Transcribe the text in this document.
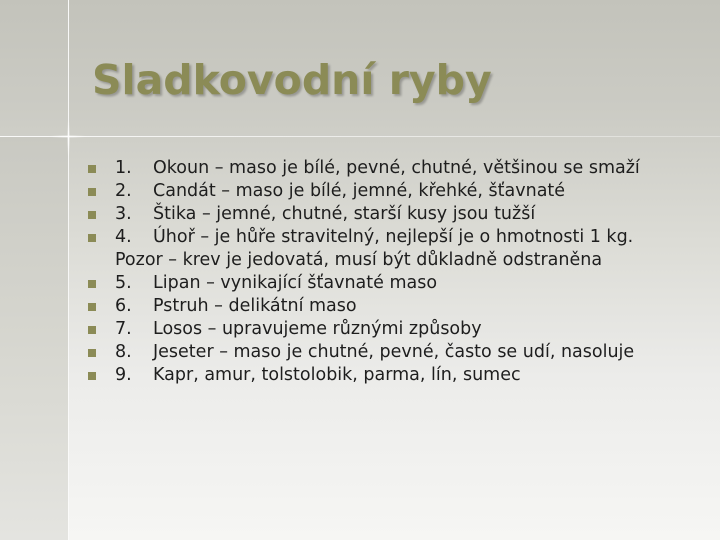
Sladkovodní ryby
1.	Okoun – maso je bílé, pevné, chutné, většinou se smaží
2.	Candát – maso je bílé, jemné, křehké, šťavnaté
3.	Štika – jemné, chutné, starší kusy jsou tužší
4.	Úhoř – je hůře stravitelný, nejlepší je o hmotnosti 1 kg.
Pozor – krev je jedovatá, musí být důkladně odstraněna
5.	Lipan – vynikající šťavnaté maso
6.	Pstruh – delikátní maso
7.	Losos – upravujeme různými způsoby
8.	Jeseter – maso je chutné, pevné, často se udí, nasoluje
9.	Kapr, amur, tolstolobik, parma, lín, sumec
